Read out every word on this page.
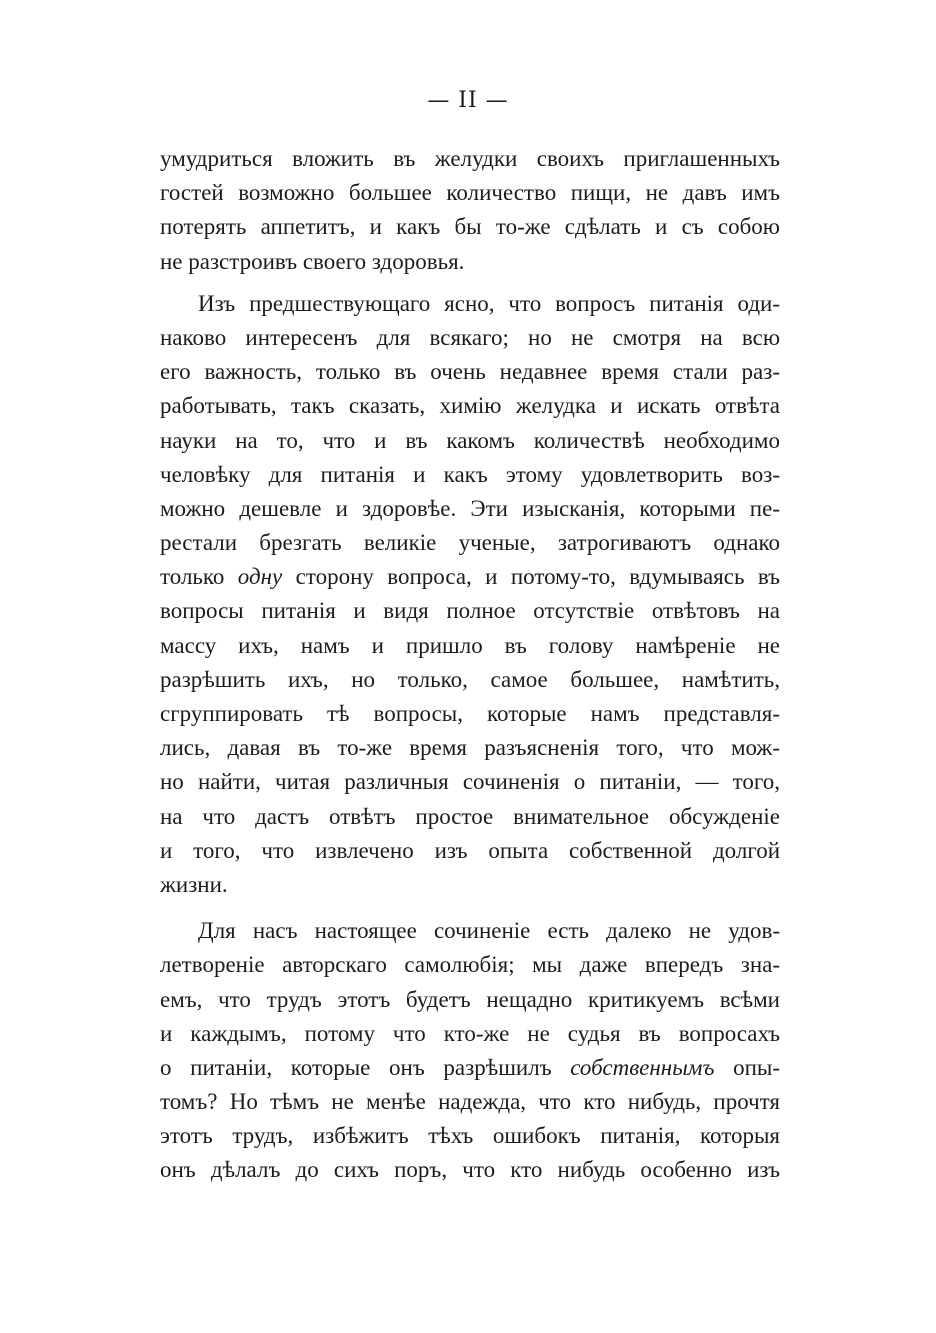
— II —
умудриться вложить въ желудки своихъ приглашенныхъ
гостей возможно большее количество пищи, не давъ имъ
потерять аппетитъ, и какъ бы то-же сдѣлать и съ собою
не разстроивъ своего здоровья.
Изъ предшествующаго ясно, что вопросъ питанія оди-
наково интересенъ для всякаго; но не смотря на всю
его важность, только въ очень недавнее время стали раз-
работывать, такъ сказать, химію желудка и искать отвѣта
науки на то, что и въ какомъ количествѣ необходимо
человѣку для питанія и какъ этому удовлетворить воз-
можно дешевле и здоровѣе. Эти изысканія, которыми пе-
рестали брезгать великіе ученые, затрогиваютъ однако
только одну сторону вопроса, и потому-то, вдумываясь въ
вопросы питанія и видя полное отсутствіе отвѣтовъ на
массу ихъ, намъ и пришло въ голову намѣреніе не
разрѣшить ихъ, но только, самое большее, намѣтить,
сгруппировать тѣ вопросы, которые намъ представля-
лись, давая въ то-же время разъясненія того, что мож-
но найти, читая различныя сочиненія о питаніи, — того,
на что дастъ отвѣтъ простое внимательное обсужденіе
и того, что извлечено изъ опыта собственной долгой
жизни.
Для насъ настоящее сочиненіе есть далеко не удов-
летвореніе авторскаго самолюбія; мы даже впередъ зна-
емъ, что трудъ этотъ будетъ нещадно критикуемъ всѣми
и каждымъ, потому что кто-же не судья въ вопросахъ
о питаніи, которые онъ разрѣшилъ собственнымъ опы-
томъ? Но тѣмъ не менѣе надежда, что кто нибудь, прочтя
этотъ трудъ, избѣжитъ тѣхъ ошибокъ питанія, которыя
онъ дѣлалъ до сихъ поръ, что кто нибудь особенно изъ
